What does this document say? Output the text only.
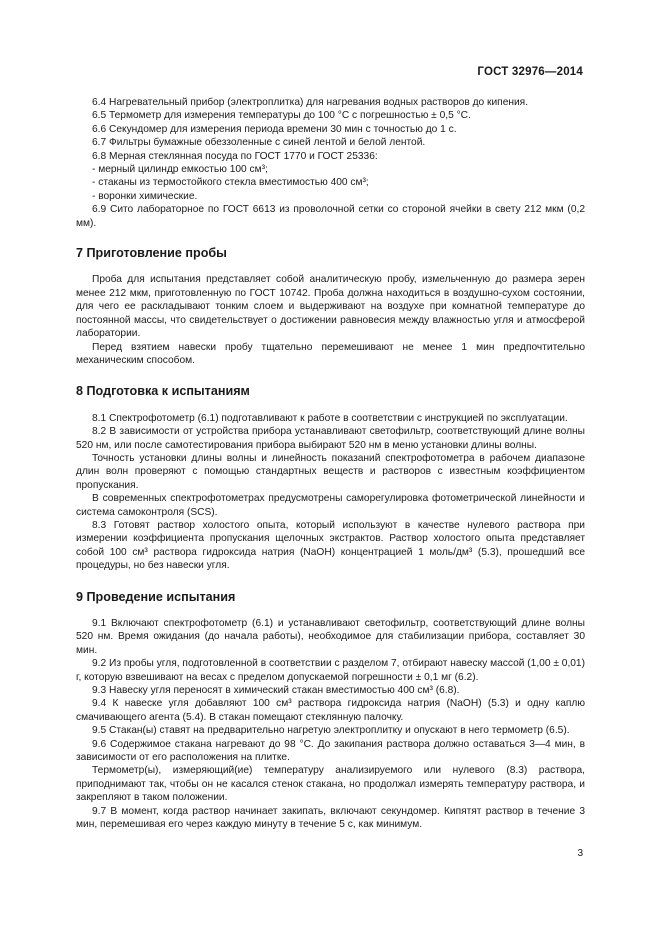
ГОСТ 32976—2014

6.4 Нагревательный прибор (электроплитка) для нагревания водных растворов до кипения.

6.5 Термометр для измерения температуры до 100 °С с погрешностью ± 0,5 °С.

6.6 Секундомер для измерения периода времени 30 мин с точностью до 1 с.

6.7 Фильтры бумажные обеззоленные с синей лентой и белой лентой.

6.8 Мерная стеклянная посуда по ГОСТ 1770 и ГОСТ 25336:

- мерный цилиндр емкостью 100 см³;

- стаканы из термостойкого стекла вместимостью 400 см³;

- воронки химические.

6.9 Сито лабораторное по ГОСТ 6613 из проволочной сетки со стороной ячейки в свету 212 мкм (0,2 мм).

7 Приготовление пробы

Проба для испытания представляет собой аналитическую пробу, измельченную до размера зерен менее 212 мкм, приготовленную по ГОСТ 10742. Проба должна находиться в воздушно-сухом состоянии, для чего ее раскладывают тонким слоем и выдерживают на воздухе при комнатной температуре до постоянной массы, что свидетельствует о достижении равновесия между влажностью угля и атмосферой лаборатории.

Перед взятием навески пробу тщательно перемешивают не менее 1 мин предпочтительно механическим способом.

8 Подготовка к испытаниям

8.1 Спектрофотометр (6.1) подготавливают к работе в соответствии с инструкцией по эксплуатации.

8.2 В зависимости от устройства прибора устанавливают светофильтр, соответствующий длине волны 520 нм, или после самотестирования прибора выбирают 520 нм в меню установки длины волны.

Точность установки длины волны и линейность показаний спектрофотометра в рабочем диапазоне длин волн проверяют с помощью стандартных веществ и растворов с известным коэффициентом пропускания.

В современных спектрофотометрах предусмотрены саморегулировка фотометрической линейности и система самоконтроля (SCS).

8.3 Готовят раствор холостого опыта, который используют в качестве нулевого раствора при измерении коэффициента пропускания щелочных экстрактов. Раствор холостого опыта представляет собой 100 см³ раствора гидроксида натрия (NaOH) концентрацией 1 моль/дм³ (5.3), прошедший все процедуры, но без навески угля.

9 Проведение испытания

9.1 Включают спектрофотометр (6.1) и устанавливают светофильтр, соответствующий длине волны 520 нм. Время ожидания (до начала работы), необходимое для стабилизации прибора, составляет 30 мин.

9.2 Из пробы угля, подготовленной в соответствии с разделом 7, отбирают навеску массой (1,00 ± 0,01) г, которую взвешивают на весах с пределом допускаемой погрешности ± 0,1 мг (6.2).

9.3 Навеску угля переносят в химический стакан вместимостью 400 см³ (6.8).

9.4 К навеске угля добавляют 100 см³ раствора гидроксида натрия (NaOH) (5.3) и одну каплю смачивающего агента (5.4). В стакан помещают стеклянную палочку.

9.5 Стакан(ы) ставят на предварительно нагретую электроплитку и опускают в него термометр (6.5).

9.6 Содержимое стакана нагревают до 98 °С. До закипания раствора должно оставаться 3—4 мин, в зависимости от его расположения на плитке.

Термометр(ы), измеряющий(ие) температуру анализируемого или нулевого (8.3) раствора, приподнимают так, чтобы он не касался стенок стакана, но продолжал измерять температуру раствора, и закрепляют в таком положении.

9.7 В момент, когда раствор начинает закипать, включают секундомер. Кипятят раствор в течение 3 мин, перемешивая его через каждую минуту в течение 5 с, как минимум.

3
